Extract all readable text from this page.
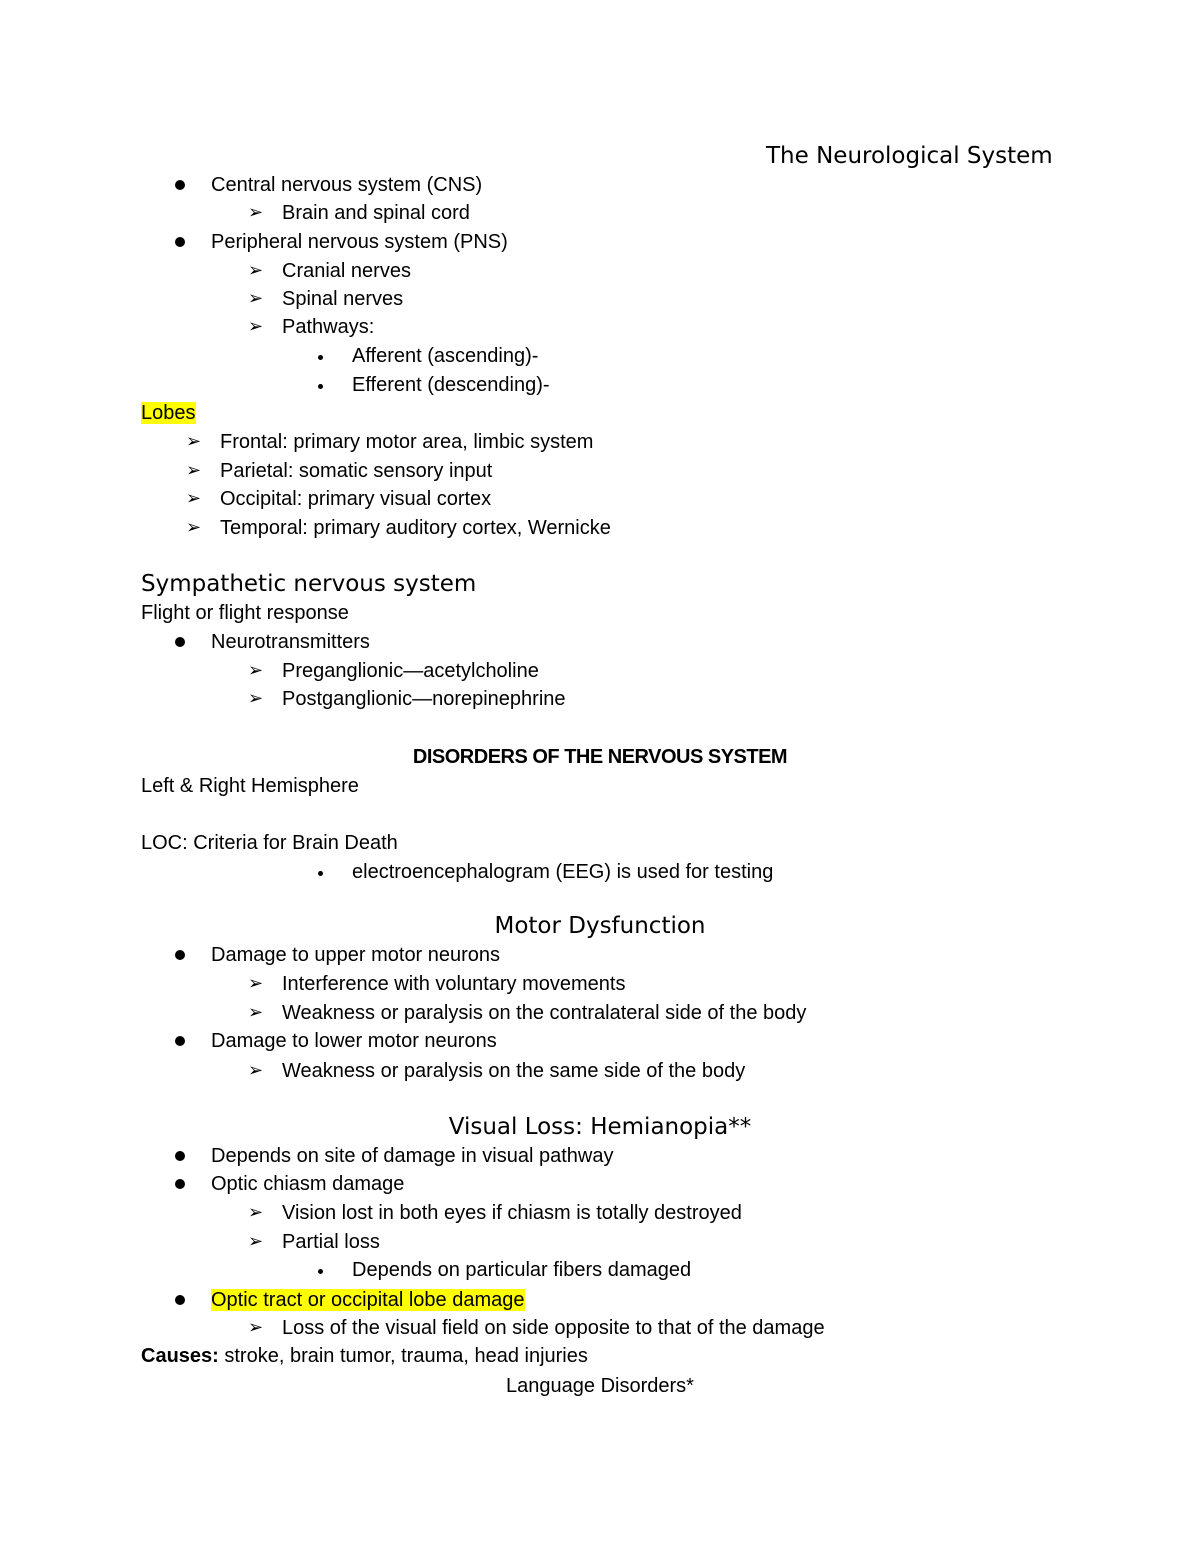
The Neurological System
Central nervous system (CNS)
➢ Brain and spinal cord
Peripheral nervous system (PNS)
➢ Cranial nerves
➢ Spinal nerves
➢ Pathways:
Afferent (ascending)-
Efferent (descending)-
Lobes
➢ Frontal: primary motor area, limbic system
➢ Parietal: somatic sensory input
➢ Occipital: primary visual cortex
➢ Temporal: primary auditory cortex, Wernicke
Sympathetic nervous system
Flight or flight response
Neurotransmitters
➢ Preganglionic—acetylcholine
➢ Postganglionic—norepinephrine
DISORDERS OF THE NERVOUS SYSTEM
Left & Right Hemisphere
LOC: Criteria for Brain Death
electroencephalogram (EEG) is used for testing
Motor Dysfunction
Damage to upper motor neurons
➢ Interference with voluntary movements
➢ Weakness or paralysis on the contralateral side of the body
Damage to lower motor neurons
➢ Weakness or paralysis on the same side of the body
Visual Loss: Hemianopia**
Depends on site of damage in visual pathway
Optic chiasm damage
➢ Vision lost in both eyes if chiasm is totally destroyed
➢ Partial loss
Depends on particular fibers damaged
Optic tract or occipital lobe damage
➢ Loss of the visual field on side opposite to that of the damage
Causes: stroke, brain tumor, trauma, head injuries
Language Disorders*
